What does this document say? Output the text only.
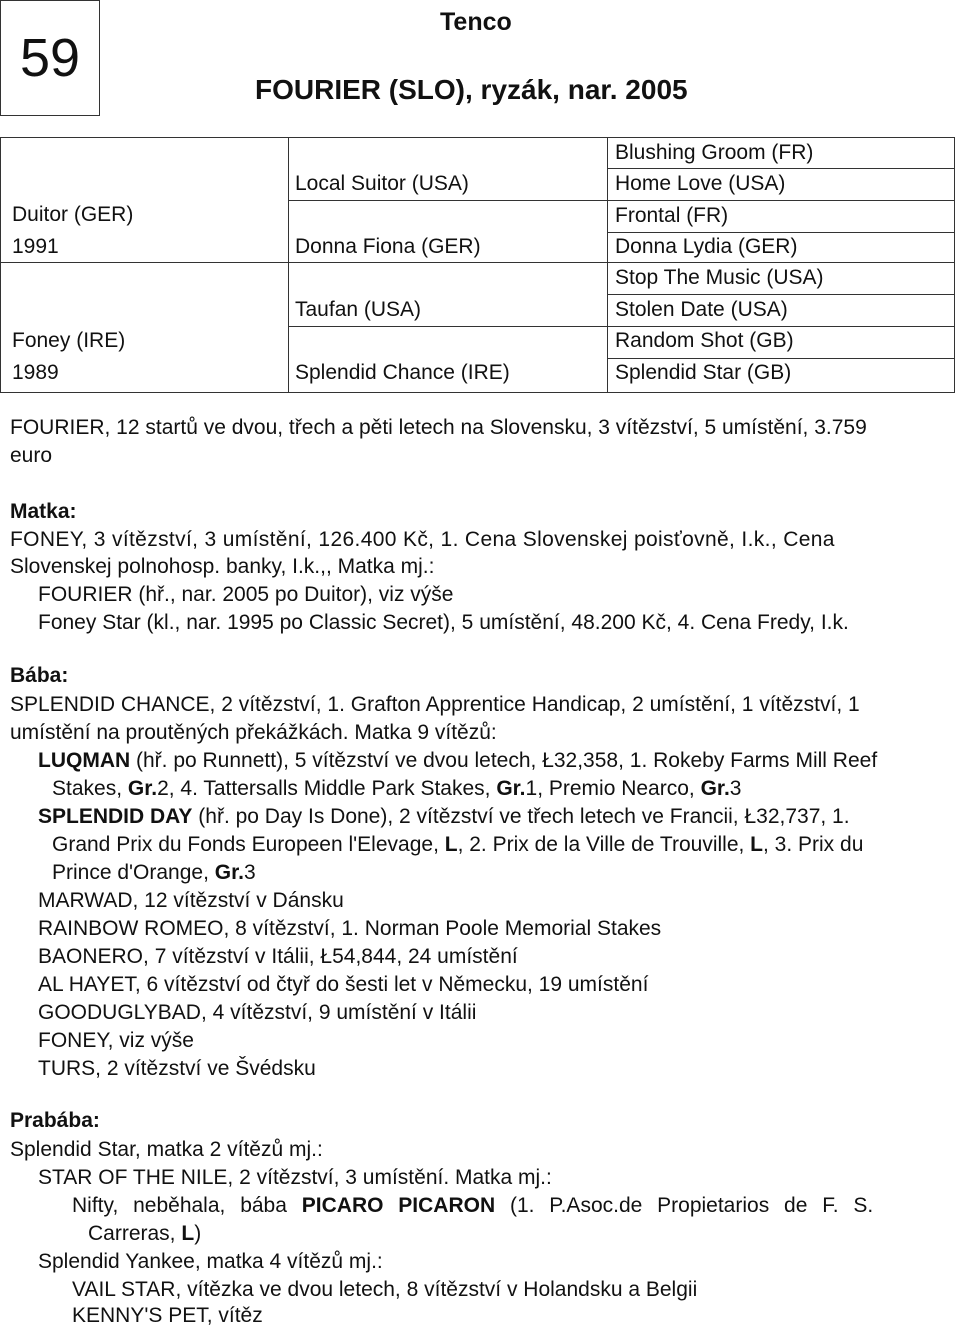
59
Tenco
FOURIER (SLO), ryzák, nar. 2005
Duitor (GER)
1991
Foney (IRE)
1989
Local Suitor (USA)
Donna Fiona (GER)
Taufan (USA)
Splendid Chance (IRE)
Blushing Groom (FR)
Home Love (USA)
Frontal (FR)
Donna Lydia (GER)
Stop The Music (USA)
Stolen Date (USA)
Random Shot (GB)
Splendid Star (GB)
FOURIER, 12 startů ve dvou, třech a pěti letech na Slovensku, 3 vítězství, 5 umístění, 3.759
euro
Matka:
FONEY, 3 vítězství, 3 umístění, 126.400 Kč, 1. Cena Slovenskej poisťovně, I.k., Cena
Slovenskej polnohosp. banky, I.k.,, Matka mj.:
FOURIER (hř., nar. 2005 po Duitor), viz výše
Foney Star (kl., nar. 1995 po Classic Secret), 5 umístění, 48.200 Kč, 4. Cena Fredy, I.k.
Bába:
SPLENDID CHANCE, 2 vítězství, 1. Grafton Apprentice Handicap, 2 umístění, 1 vítězství, 1
umístění na proutěných překážkách. Matka 9 vítězů:
LUQMAN (hř. po Runnett), 5 vítězství ve dvou letech, Ł32,358, 1. Rokeby Farms Mill Reef
Stakes, Gr.2, 4. Tattersalls Middle Park Stakes, Gr.1, Premio Nearco, Gr.3
SPLENDID DAY (hř. po Day Is Done), 2 vítězství ve třech letech ve Francii, Ł32,737, 1.
Grand Prix du Fonds Europeen l'Elevage, L, 2. Prix de la Ville de Trouville, L, 3. Prix du
Prince d'Orange, Gr.3
MARWAD, 12 vítězství v Dánsku
RAINBOW ROMEO, 8 vítězství, 1. Norman Poole Memorial Stakes
BAONERO, 7 vítězství v Itálii, Ł54,844, 24 umístění
AL HAYET, 6 vítězství od čtyř do šesti let v Německu, 19 umístění
GOODUGLYBAD, 4 vítězství, 9 umístění v Itálii
FONEY, viz výše
TURS, 2 vítězství ve Švédsku
Prabába:
Splendid Star, matka 2 vítězů mj.:
STAR OF THE NILE, 2 vítězství, 3 umístění. Matka mj.:
Nifty, neběhala, bába PICARO PICARON (1. P.Asoc.de Propietarios de F. S.
Carreras, L)
Splendid Yankee, matka 4 vítězů mj.:
VAIL STAR, vítězka ve dvou letech, 8 vítězství v Holandsku a Belgii
KENNY'S PET, vítěz
